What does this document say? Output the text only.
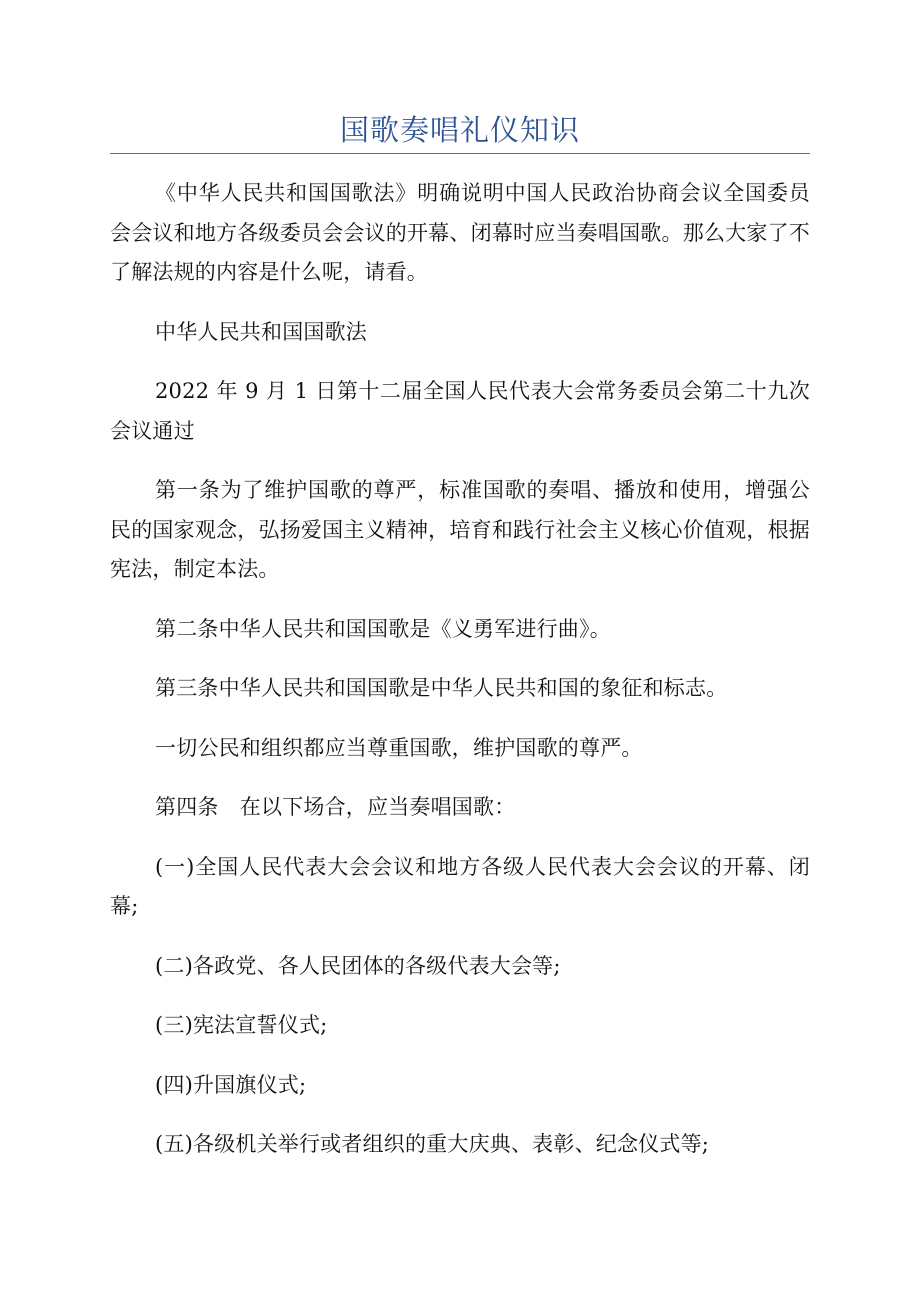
国歌奏唱礼仪知识

《中华人民共和国国歌法》明确说明中国人民政治协商会议全国委员会会议和地方各级委员会会议的开幕、闭幕时应当奏唱国歌。那么大家了不了解法规的内容是什么呢，请看。

中华人民共和国国歌法

2022 年 9 月 1 日第十二届全国人民代表大会常务委员会第二十九次会议通过

第一条为了维护国歌的尊严，标准国歌的奏唱、播放和使用，增强公民的国家观念，弘扬爱国主义精神，培育和践行社会主义核心价值观，根据宪法，制定本法。

第二条中华人民共和国国歌是《义勇军进行曲》。

第三条中华人民共和国国歌是中华人民共和国的象征和标志。

一切公民和组织都应当尊重国歌，维护国歌的尊严。

第四条　在以下场合，应当奏唱国歌：

(一)全国人民代表大会会议和地方各级人民代表大会会议的开幕、闭幕;

(二)各政党、各人民团体的各级代表大会等;

(三)宪法宣誓仪式;

(四)升国旗仪式;

(五)各级机关举行或者组织的重大庆典、表彰、纪念仪式等;
